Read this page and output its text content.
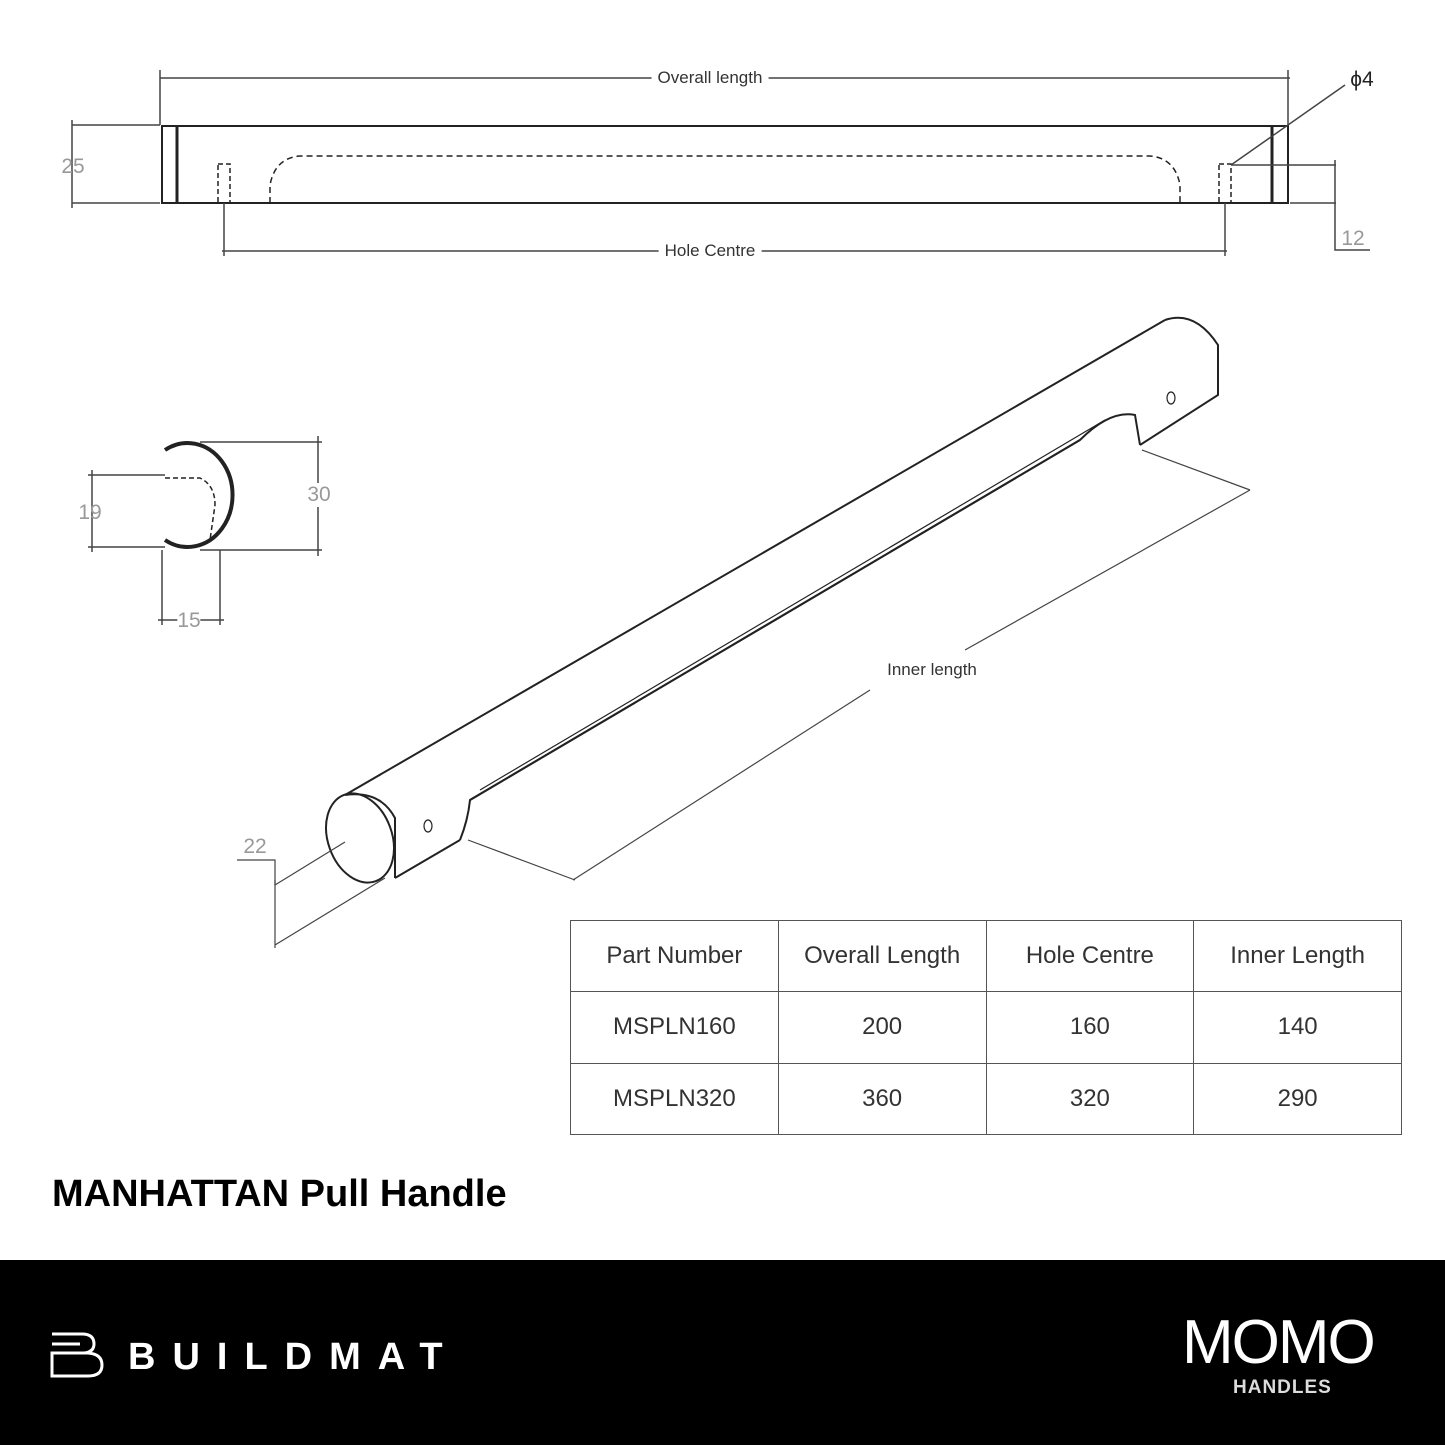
Overall length
Hole Centre
Inner length
25
12
ϕ4
19
30
15
22
Part Number	Overall Length	Hole Centre	Inner Length
MSPLN160	200	160	140
MSPLN320	360	320	290
MANHATTAN Pull Handle
BUILDMAT	MOMO
HANDLES
